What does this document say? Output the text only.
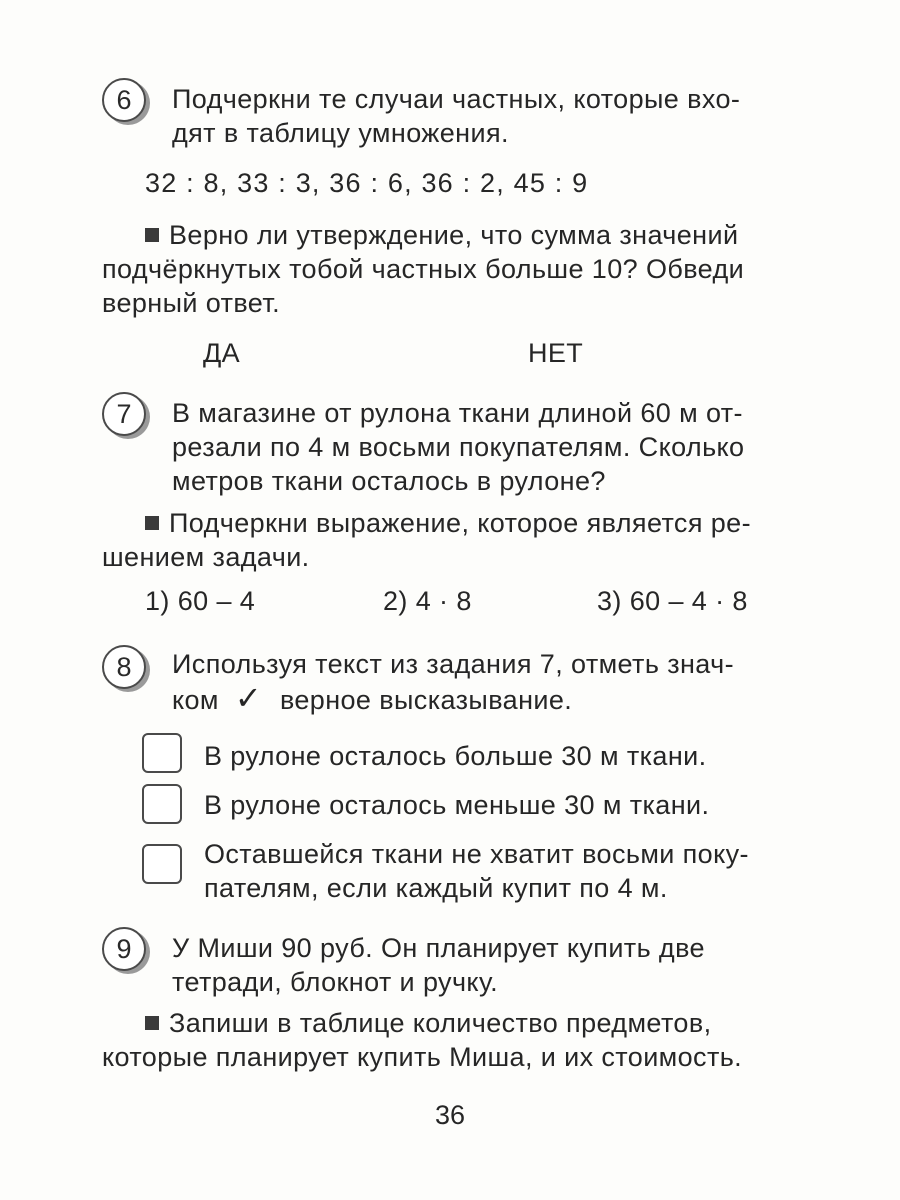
6	Подчеркни те случаи частных, которые вхо-
дят в таблицу умножения.
32 : 8, 33 : 3, 36 : 6, 36 : 2, 45 : 9
Верно ли утверждение, что сумма значений
подчёркнутых тобой частных больше 10? Обведи
верный ответ.
ДА	НЕТ
7	В магазине от рулона ткани длиной 60 м от-
резали по 4 м восьми покупателям. Сколько
метров ткани осталось в рулоне?
Подчеркни выражение, которое является ре-
шением задачи.
1) 60 – 4	2) 4 · 8	3) 60 – 4 · 8
8	Используя текст из задания 7, отметь знач-
ком ✓ верное высказывание.
В рулоне осталось больше 30 м ткани.
В рулоне осталось меньше 30 м ткани.
Оставшейся ткани не хватит восьми поку-
пателям, если каждый купит по 4 м.
9	У Миши 90 руб. Он планирует купить две
тетради, блокнот и ручку.
Запиши в таблице количество предметов,
которые планирует купить Миша, и их стоимость.
36
